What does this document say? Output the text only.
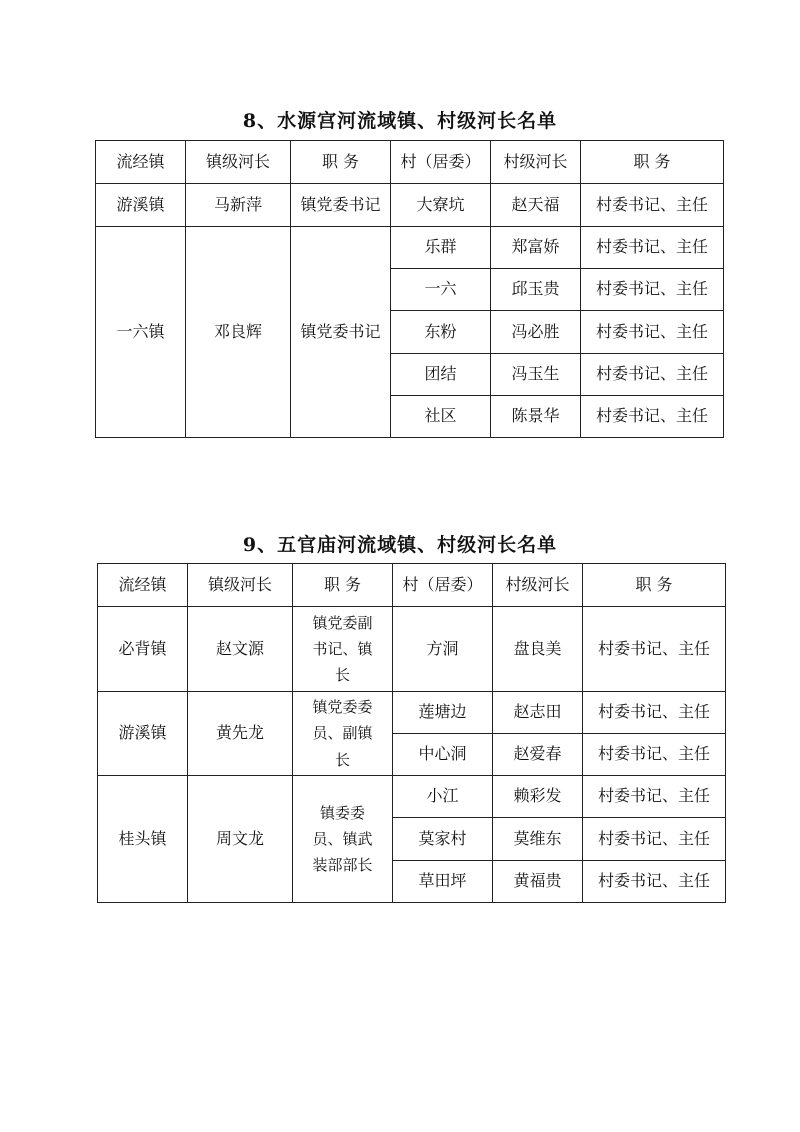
8、水源宫河流域镇、村级河长名单
流经镇	镇级河长	职 务	村（居委）	村级河长	职 务
游溪镇	马新萍	镇党委书记	大寮坑	赵天福	村委书记、主任
一六镇	邓良辉	镇党委书记	乐群	郑富娇	村委书记、主任
			一六	邱玉贵	村委书记、主任
			东粉	冯必胜	村委书记、主任
			团结	冯玉生	村委书记、主任
			社区	陈景华	村委书记、主任
9、五官庙河流域镇、村级河长名单
流经镇	镇级河长	职 务	村（居委）	村级河长	职 务
必背镇	赵文源	镇党委副书记、镇长	方洞	盘良美	村委书记、主任
游溪镇	黄先龙	镇党委委员、副镇长	莲塘边	赵志田	村委书记、主任
			中心洞	赵爱春	村委书记、主任
桂头镇	周文龙	镇委委员、镇武装部部长	小江	赖彩发	村委书记、主任
			莫家村	莫维东	村委书记、主任
			草田坪	黄福贵	村委书记、主任
